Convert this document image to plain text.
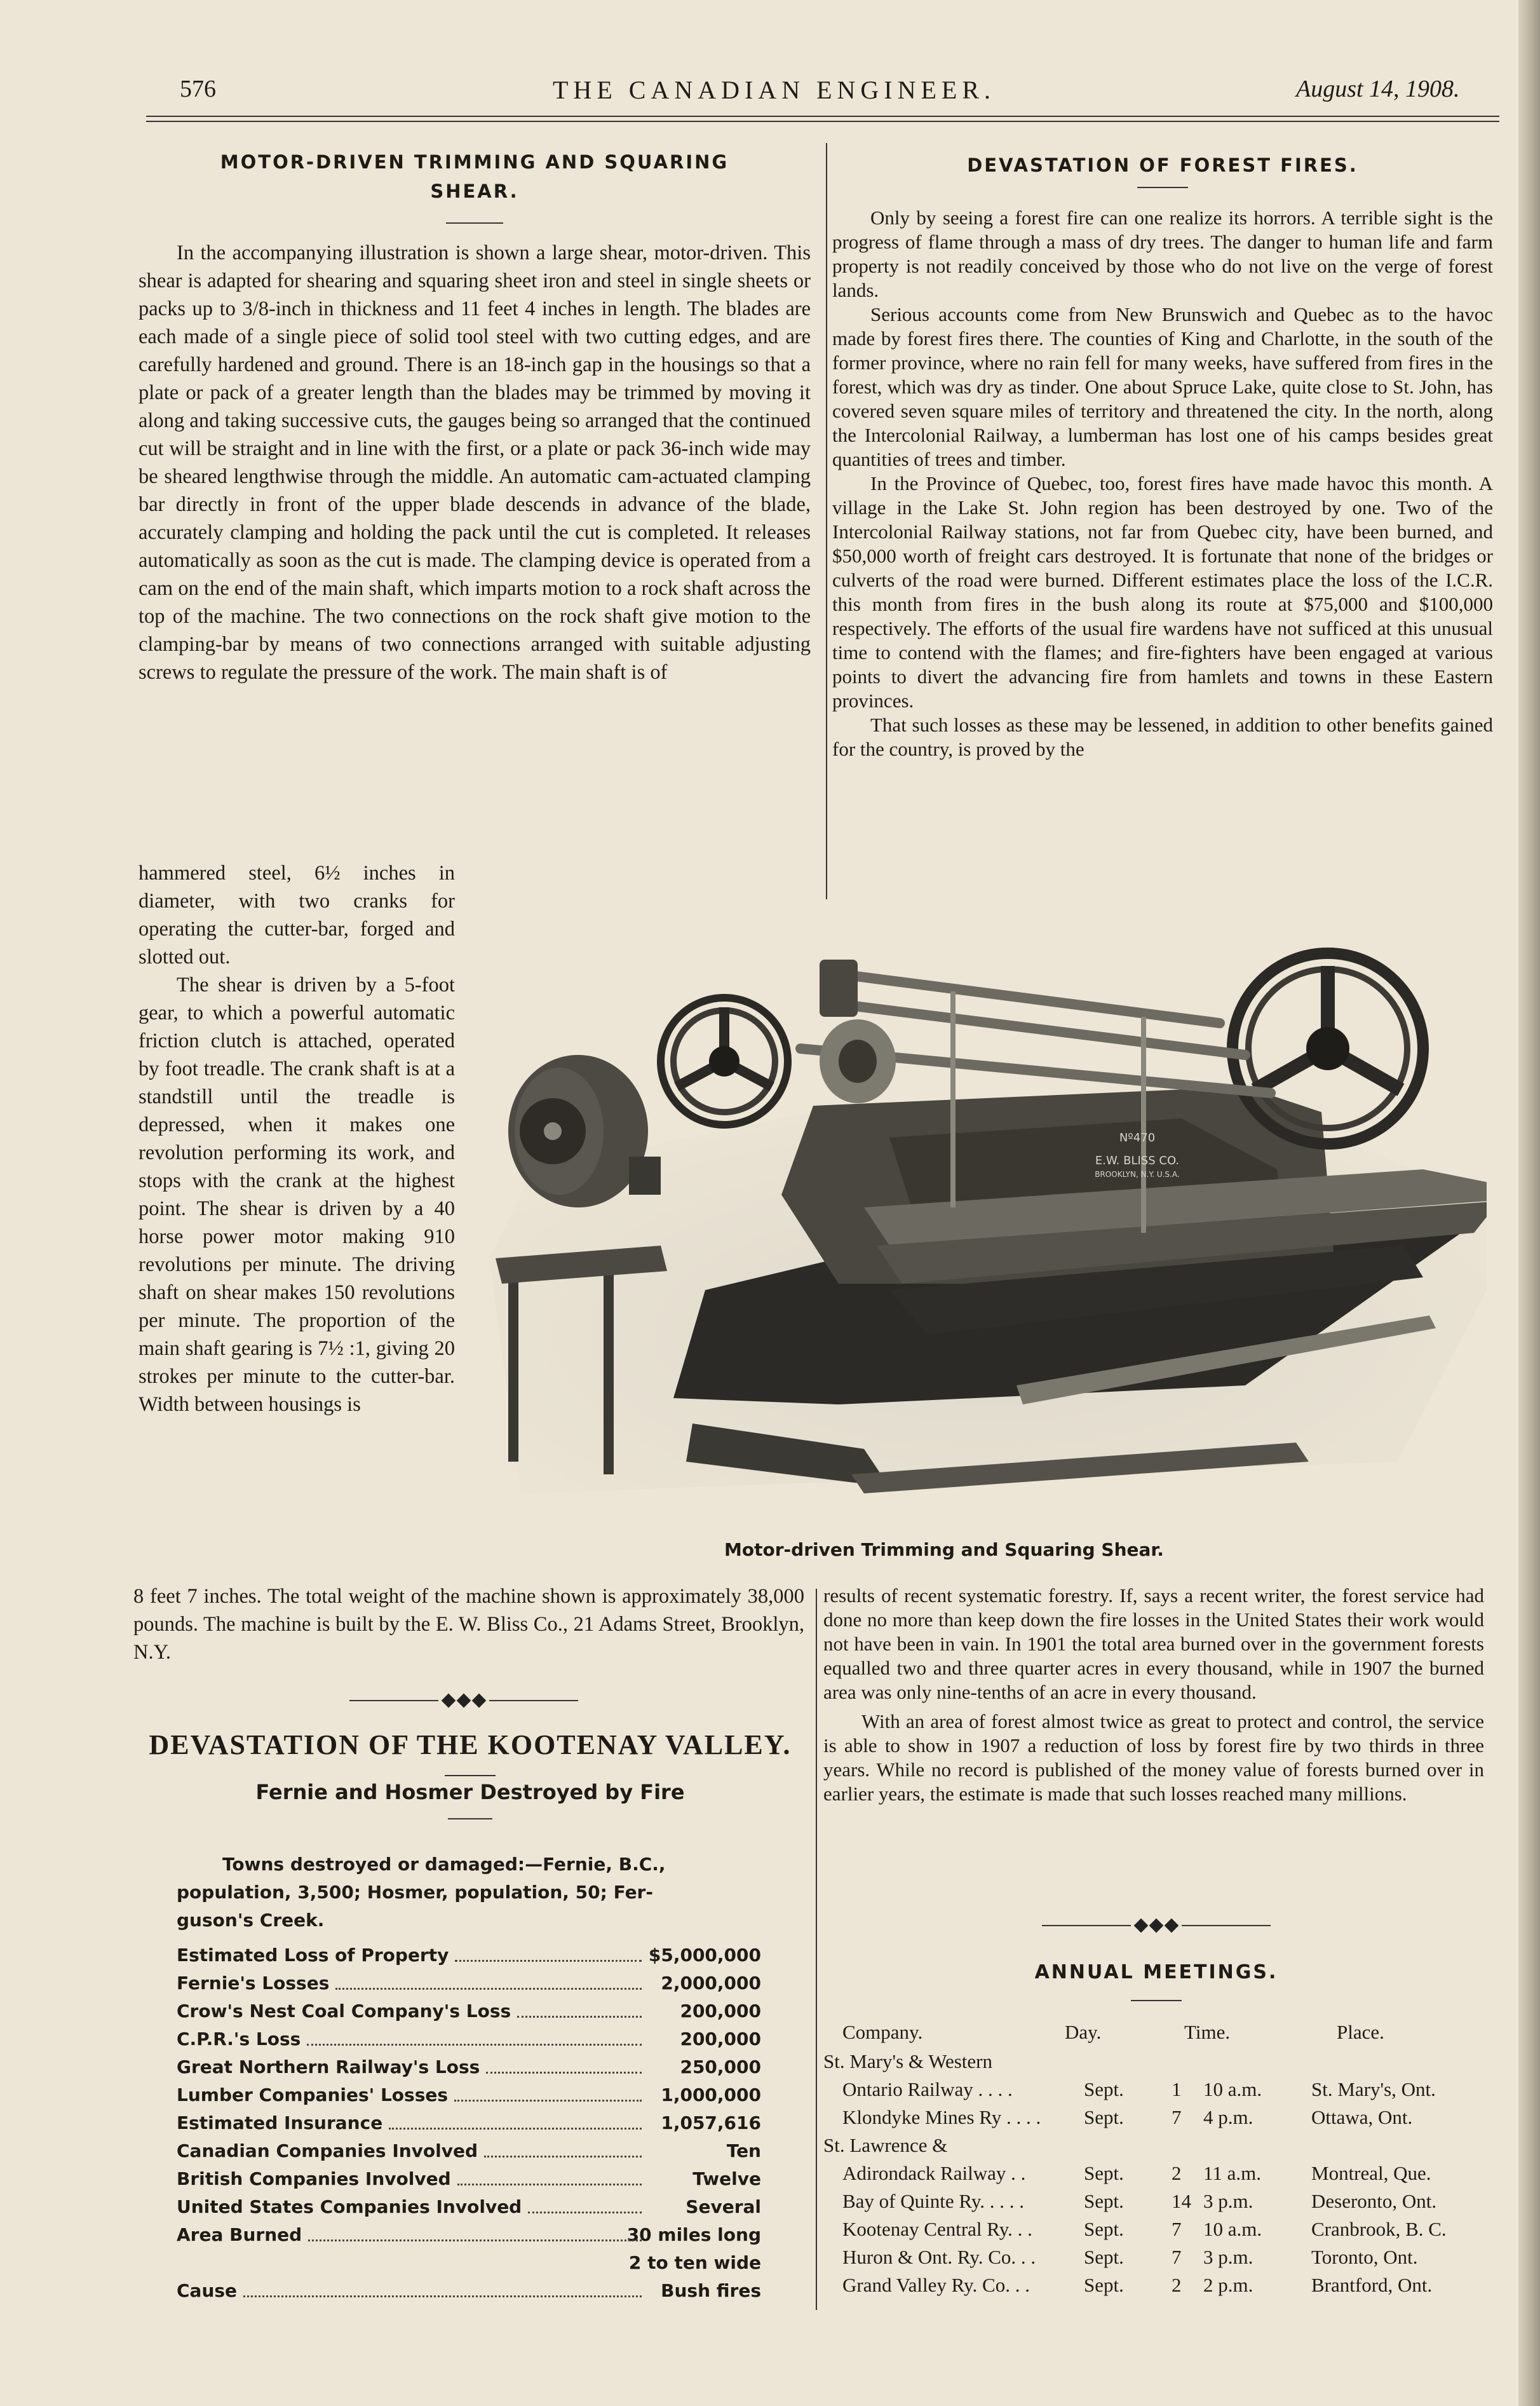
576	THE CANADIAN ENGINEER.	August 14, 1908.
MOTOR-DRIVEN TRIMMING AND SQUARING SHEAR.

In the accompanying illustration is shown a large shear, motor-driven. This shear is adapted for shearing and squaring sheet iron and steel in single sheets or packs up to 3/8-inch in thickness and 11 feet 4 inches in length. The blades are each made of a single piece of solid tool steel with two cutting edges, and are carefully hardened and ground. There is an 18-inch gap in the housings so that a plate or pack of a greater length than the blades may be trimmed by moving it along and taking successive cuts, the gauges being so arranged that the continued cut will be straight and in line with the first, or a plate or pack 36-inch wide may be sheared lengthwise through the middle. An automatic cam-actuated clamping bar directly in front of the upper blade descends in advance of the blade, accurately clamping and holding the pack until the cut is completed. It releases automatically as soon as the cut is made. The clamping device is operated from a cam on the end of the main shaft, which imparts motion to a rock shaft across the top of the machine. The two connections on the rock shaft give motion to the clamping-bar by means of two connections arranged with suitable adjusting screws to regulate the pressure of the work. The main shaft is of

hammered steel, 6½ inches in diameter, with two cranks for operating the cutter-bar, forged and slotted out.

The shear is driven by a 5-foot gear, to which a powerful automatic friction clutch is attached, operated by foot treadle. The crank shaft is at a standstill until the treadle is depressed, when it makes one revolution performing its work, and stops with the crank at the highest point. The shear is driven by a 40 horse power motor making 910 revolutions per minute. The driving shaft on shear makes 150 revolutions per minute. The proportion of the main shaft gearing is 7½ :1, giving 20 strokes per minute to the cutter-bar. Width between housings is

8 feet 7 inches. The total weight of the machine shown is approximately 38,000 pounds. The machine is built by the E. W. Bliss Co., 21 Adams Street, Brooklyn, N.Y.

DEVASTATION OF THE KOOTENAY VALLEY.
Fernie and Hosmer Destroyed by Fire
Towns destroyed or damaged:—Fernie, B.C.,
population, 3,500; Hosmer, population, 50; Fer-
guson's Creek.
Estimated Loss of Property	$5,000,000
Fernie's Losses	2,000,000
Crow's Nest Coal Company's Loss	200,000
C.P.R.'s Loss	200,000
Great Northern Railway's Loss	250,000
Lumber Companies' Losses	1,000,000
Estimated Insurance	1,057,616
Canadian Companies Involved	Ten
British Companies Involved	Twelve
United States Companies Involved	Several
Area Burned	30 miles long
2 to ten wide
Cause	Bush fires
Nº470
E.W. BLISS CO.
BROOKLYN, N.Y. U.S.A.
Motor-driven Trimming and Squaring Shear.
DEVASTATION OF FOREST FIRES.

Only by seeing a forest fire can one realize its horrors. A terrible sight is the progress of flame through a mass of dry trees. The danger to human life and farm property is not readily conceived by those who do not live on the verge of forest lands.

Serious accounts come from New Brunswich and Quebec as to the havoc made by forest fires there. The counties of King and Charlotte, in the south of the former province, where no rain fell for many weeks, have suffered from fires in the forest, which was dry as tinder. One about Spruce Lake, quite close to St. John, has covered seven square miles of territory and threatened the city. In the north, along the Intercolonial Railway, a lumberman has lost one of his camps besides great quantities of trees and timber.

In the Province of Quebec, too, forest fires have made havoc this month. A village in the Lake St. John region has been destroyed by one. Two of the Intercolonial Railway stations, not far from Quebec city, have been burned, and $50,000 worth of freight cars destroyed. It is fortunate that none of the bridges or culverts of the road were burned. Different estimates place the loss of the I.C.R. this month from fires in the bush along its route at $75,000 and $100,000 respectively. The efforts of the usual fire wardens have not sufficed at this unusual time to contend with the flames; and fire-fighters have been engaged at various points to divert the advancing fire from hamlets and towns in these Eastern provinces.

That such losses as these may be lessened, in addition to other benefits gained for the country, is proved by the

results of recent systematic forestry. If, says a recent writer, the forest service had done no more than keep down the fire losses in the United States their work would not have been in vain. In 1901 the total area burned over in the government forests equalled two and three quarter acres in every thousand, while in 1907 the burned area was only nine-tenths of an acre in every thousand.

With an area of forest almost twice as great to protect and control, the service is able to show in 1907 a reduction of loss by forest fire by two thirds in three years. While no record is published of the money value of forests burned over in earlier years, the estimate is made that such losses reached many millions.

ANNUAL MEETINGS.
Company.	Day.	Time.	Place.
St. Mary's & Western
Ontario Railway . . . .	Sept. 1 10 a.m.	St. Mary's, Ont.
Klondyke Mines Ry . . . . Sept. 7 4 p.m.	Ottawa, Ont.
St. Lawrence &
Adirondack Railway . .	Sept. 2 11 a.m.	Montreal, Que.
Bay of Quinte Ry. . . . .	Sept. 14 3 p.m.	Deseronto, Ont.
Kootenay Central Ry. . .	Sept. 7 10 a.m.	Cranbrook, B. C.
Huron & Ont. Ry. Co. . . Sept. 7 3 p.m.	Toronto, Ont.
Grand Valley Ry. Co. . .	Sept. 2 2 p.m.	Brantford, Ont.
